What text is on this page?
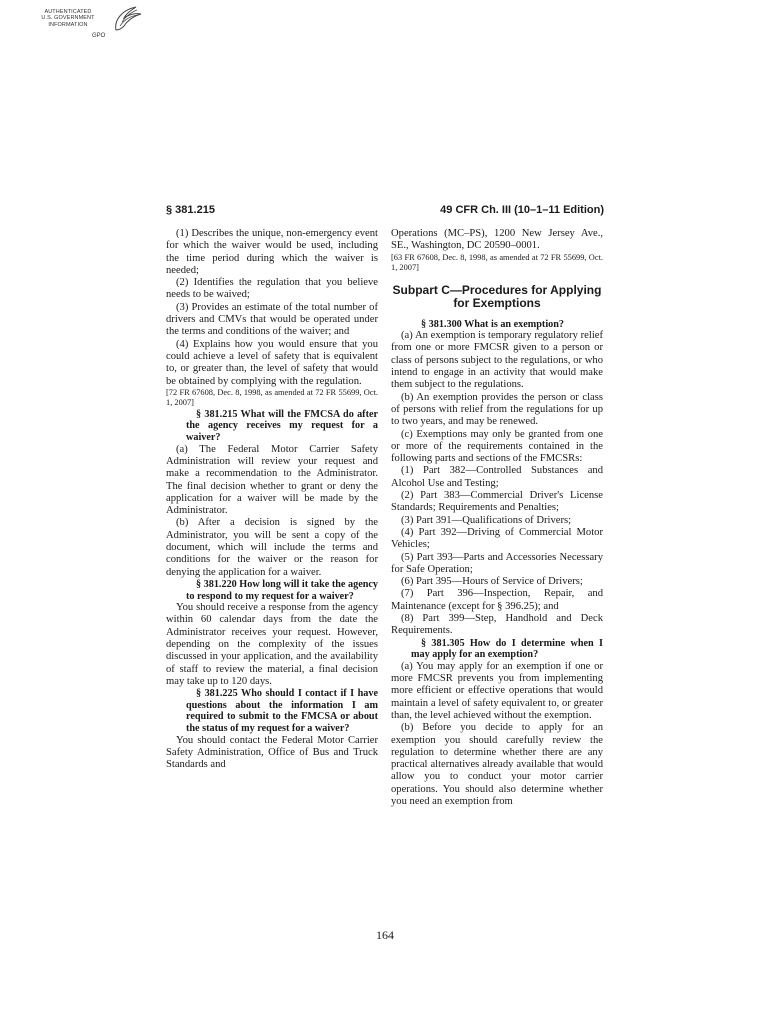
AUTHENTICATED
U.S. GOVERNMENT
INFORMATION
GPO
§ 381.215	49 CFR Ch. III (10–1–11 Edition)

(1) Describes the unique, non-emergency event for which the waiver would be used, including the time period during which the waiver is needed;

(2) Identifies the regulation that you believe needs to be waived;

(3) Provides an estimate of the total number of drivers and CMVs that would be operated under the terms and conditions of the waiver; and

(4) Explains how you would ensure that you could achieve a level of safety that is equivalent to, or greater than, the level of safety that would be obtained by complying with the regulation.

[72 FR 67608, Dec. 8, 1998, as amended at 72 FR 55699, Oct. 1, 2007]

§ 381.215 What will the FMCSA do after the agency receives my request for a waiver?

(a) The Federal Motor Carrier Safety Administration will review your request and make a recommendation to the Administrator. The final decision whether to grant or deny the application for a waiver will be made by the Administrator.

(b) After a decision is signed by the Administrator, you will be sent a copy of the document, which will include the terms and conditions for the waiver or the reason for denying the application for a waiver.

§ 381.220 How long will it take the agency to respond to my request for a waiver?

You should receive a response from the agency within 60 calendar days from the date the Administrator receives your request. However, depending on the complexity of the issues discussed in your application, and the availability of staff to review the material, a final decision may take up to 120 days.

§ 381.225 Who should I contact if I have questions about the information I am required to submit to the FMCSA or about the status of my request for a waiver?

You should contact the Federal Motor Carrier Safety Administration, Office of Bus and Truck Standards and

Operations (MC–PS), 1200 New Jersey Ave., SE., Washington, DC 20590–0001.

[63 FR 67608, Dec. 8, 1998, as amended at 72 FR 55699, Oct. 1, 2007]

Subpart C—Procedures for Applying for Exemptions

§ 381.300 What is an exemption?

(a) An exemption is temporary regulatory relief from one or more FMCSR given to a person or class of persons subject to the regulations, or who intend to engage in an activity that would make them subject to the regulations.

(b) An exemption provides the person or class of persons with relief from the regulations for up to two years, and may be renewed.

(c) Exemptions may only be granted from one or more of the requirements contained in the following parts and sections of the FMCSRs:

(1) Part 382—Controlled Substances and Alcohol Use and Testing;

(2) Part 383—Commercial Driver's License Standards; Requirements and Penalties;

(3) Part 391—Qualifications of Drivers;

(4) Part 392—Driving of Commercial Motor Vehicles;

(5) Part 393—Parts and Accessories Necessary for Safe Operation;

(6) Part 395—Hours of Service of Drivers;

(7) Part 396—Inspection, Repair, and Maintenance (except for § 396.25); and

(8) Part 399—Step, Handhold and Deck Requirements.

§ 381.305 How do I determine when I may apply for an exemption?

(a) You may apply for an exemption if one or more FMCSR prevents you from implementing more efficient or effective operations that would maintain a level of safety equivalent to, or greater than, the level achieved without the exemption.

(b) Before you decide to apply for an exemption you should carefully review the regulation to determine whether there are any practical alternatives already available that would allow you to conduct your motor carrier operations. You should also determine whether you need an exemption from

164
